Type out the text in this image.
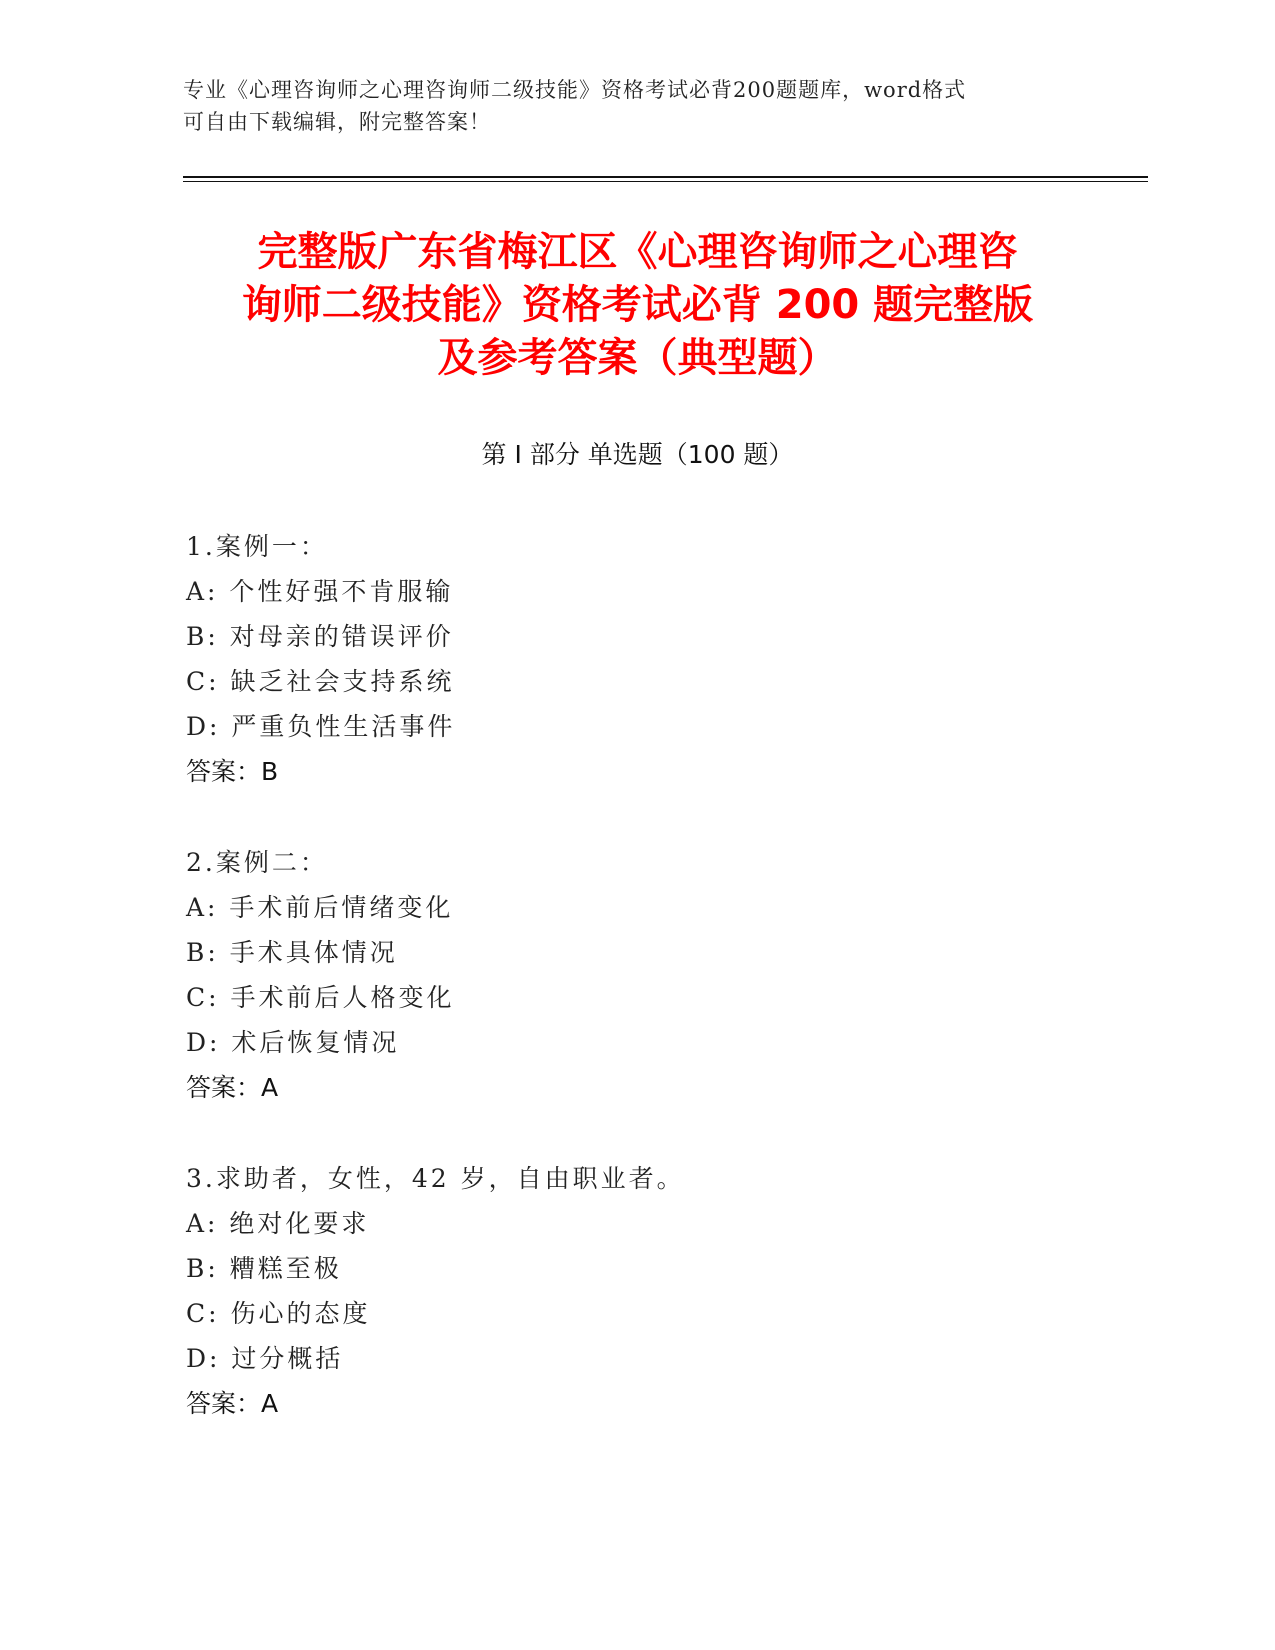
专业《心理咨询师之心理咨询师二级技能》资格考试必背200题题库，word格式
可自由下载编辑，附完整答案！
完整版广东省梅江区《心理咨询师之心理咨
询师二级技能》资格考试必背 200 题完整版
及参考答案（典型题）
第 I 部分 单选题（100 题）
1.案例一：
A: 个性好强不肯服输
B: 对母亲的错误评价
C: 缺乏社会支持系统
D: 严重负性生活事件
答案：B
2.案例二：
A: 手术前后情绪变化
B: 手术具体情况
C: 手术前后人格变化
D: 术后恢复情况
答案：A
3.求助者，女性，42 岁，自由职业者。
A: 绝对化要求
B: 糟糕至极
C: 伤心的态度
D: 过分概括
答案：A
